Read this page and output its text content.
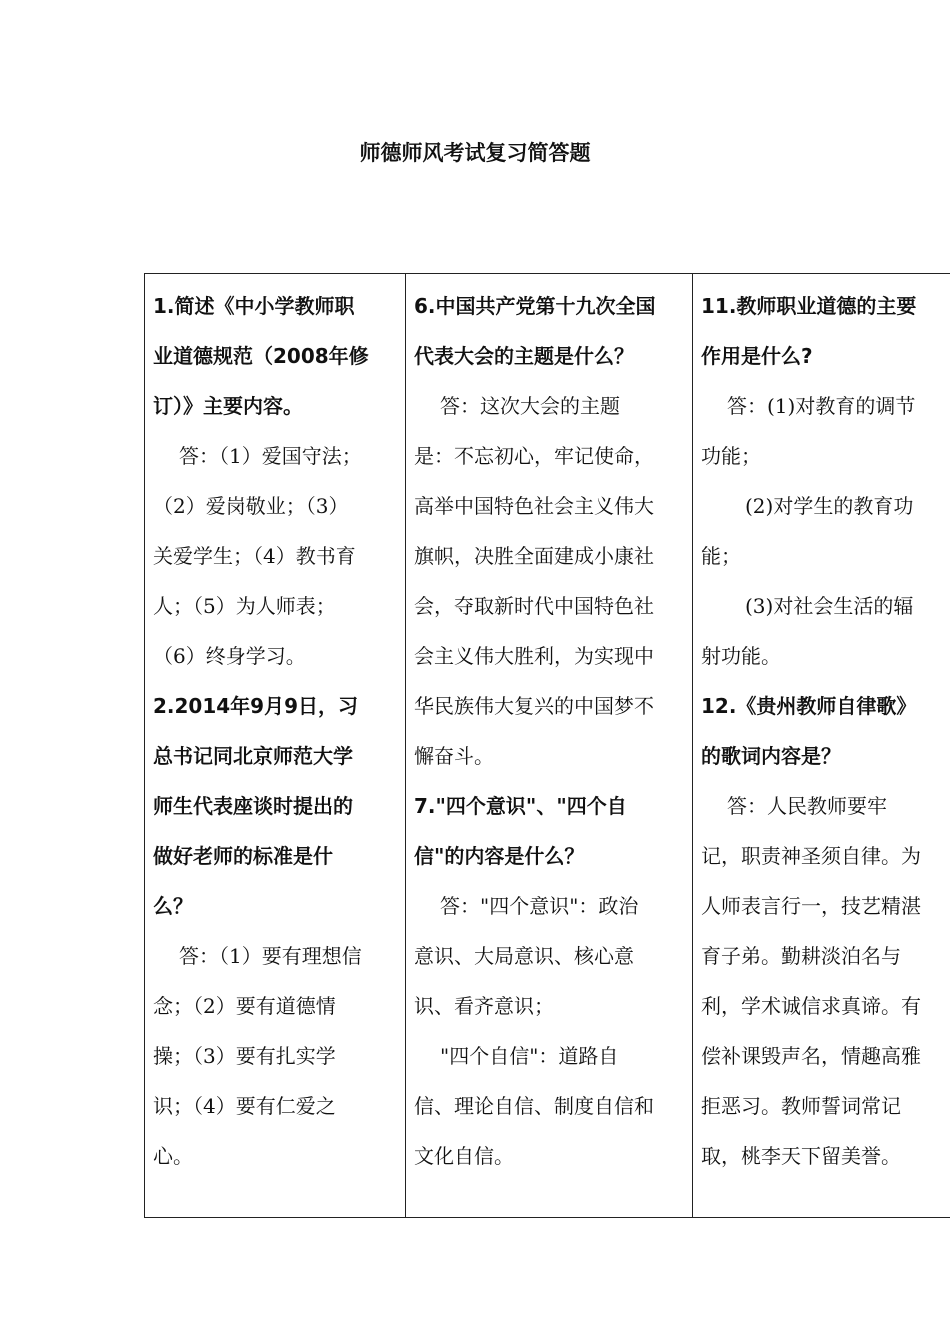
师德师风考试复习简答题
1.简述《中小学教师职
业道德规范（2008年修
订）》主要内容。
答：（1）爱国守法；
（2）爱岗敬业；（3）
关爱学生；（4）教书育
人；（5）为人师表；
（6）终身学习。
2.2014年9月9日，习
总书记同北京师范大学
师生代表座谈时提出的
做好老师的标准是什
么？
答：（1）要有理想信
念；（2）要有道德情
操；（3）要有扎实学
识；（4）要有仁爱之
心。
6.中国共产党第十九次全国
代表大会的主题是什么？
答：这次大会的主题
是：不忘初心，牢记使命，
高举中国特色社会主义伟大
旗帜，决胜全面建成小康社
会，夺取新时代中国特色社
会主义伟大胜利，为实现中
华民族伟大复兴的中国梦不
懈奋斗。
7."四个意识"、"四个自
信"的内容是什么？
答："四个意识"：政治
意识、大局意识、核心意
识、看齐意识；
"四个自信"：道路自
信、理论自信、制度自信和
文化自信。
11.教师职业道德的主要
作用是什么?
答：(1)对教育的调节
功能；
(2)对学生的教育功
能；
(3)对社会生活的辐
射功能。
12.《贵州教师自律歌》
的歌词内容是？
答：人民教师要牢
记，职责神圣须自律。为
人师表言行一，技艺精湛
育子弟。勤耕淡泊名与
利，学术诚信求真谛。有
偿补课毁声名，情趣高雅
拒恶习。教师誓词常记
取，桃李天下留美誉。
